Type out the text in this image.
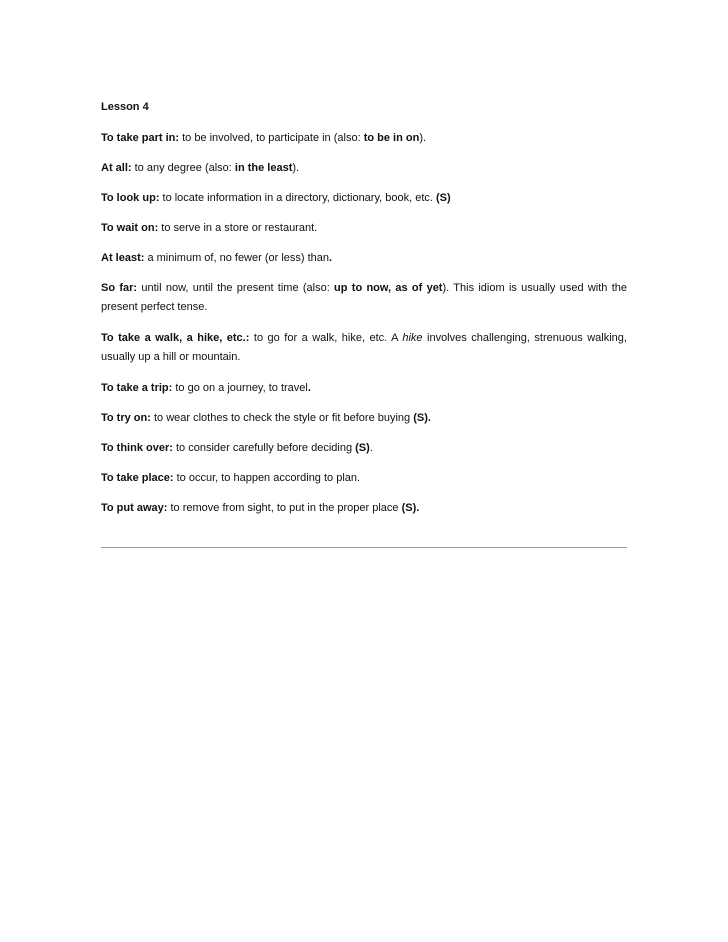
Lesson 4

To take part in: to be involved, to participate in (also: to be in on).

At all: to any degree (also: in the least).

To look up: to locate information in a directory, dictionary, book, etc. (S)

To wait on: to serve in a store or restaurant.

At least: a minimum of, no fewer (or less) than.

So far: until now, until the present time (also: up to now, as of yet). This idiom is usually used with the present perfect tense.

To take a walk, a hike, etc.: to go for a walk, hike, etc. A hike involves challenging, strenuous walking, usually up a hill or mountain.

To take a trip: to go on a journey, to travel.

To try on: to wear clothes to check the style or fit before buying (S).

To think over: to consider carefully before deciding (S).

To take place: to occur, to happen according to plan.

To put away: to remove from sight, to put in the proper place (S).
